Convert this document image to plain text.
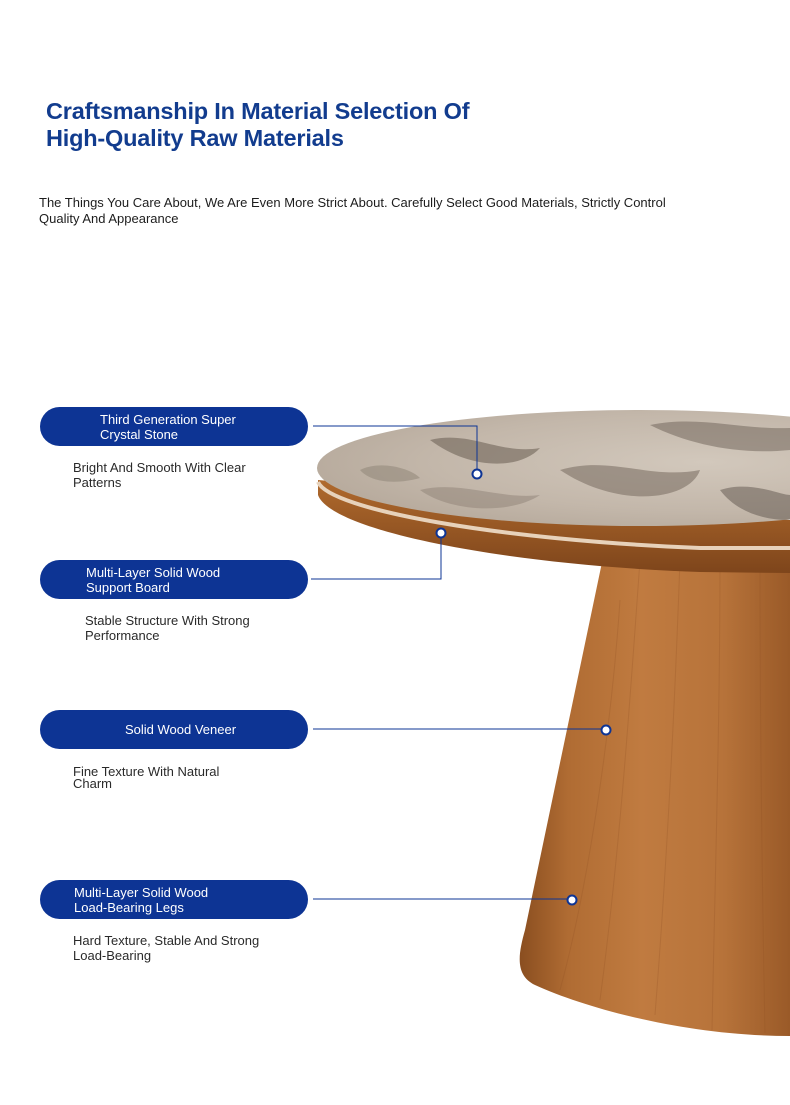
Craftsmanship In Material Selection Of
High-Quality Raw Materials

The Things You Care About, We Are Even More Strict About. Carefully Select Good Materials, Strictly Control
Quality And Appearance

Third Generation Super
Crystal Stone

Bright And Smooth With Clear
Patterns

Multi-Layer Solid Wood
Support Board

Stable Structure With Strong
Performance

Solid Wood Veneer

Fine Texture With Natural
Charm

Multi-Layer Solid Wood
Load-Bearing Legs

Hard Texture, Stable And Strong
Load-Bearing
